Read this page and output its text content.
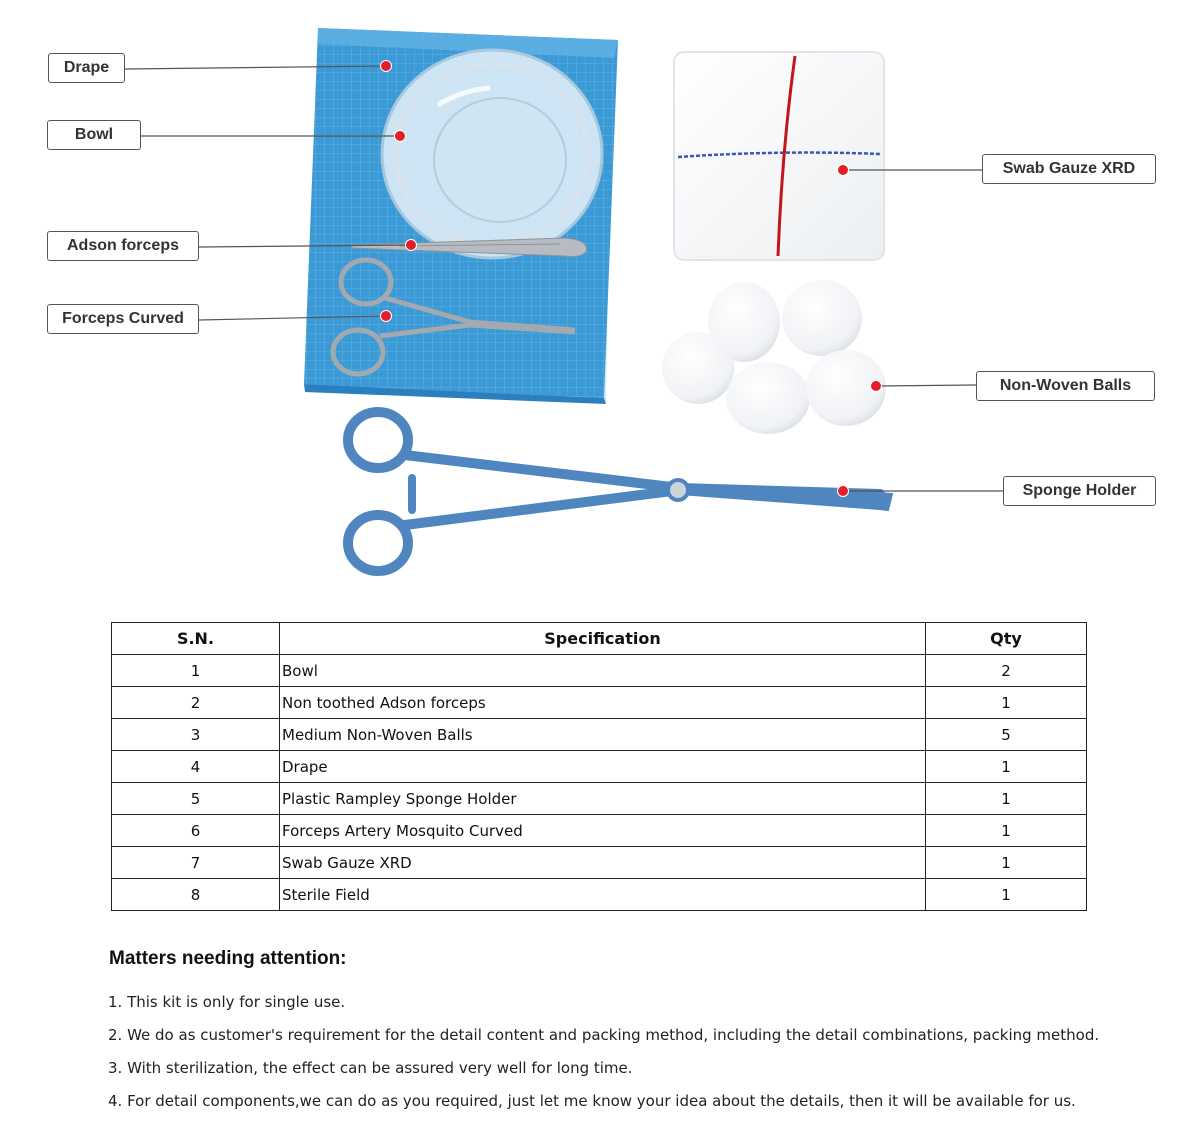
Drape
Bowl
Adson forceps
Forceps Curved
Swab Gauze XRD
Non-Woven Balls
Sponge Holder
S.N.	Specification	Qty
1	Bowl	2
2	Non toothed Adson forceps	1
3	Medium Non-Woven Balls	5
4	Drape	1
5	Plastic Rampley Sponge Holder	1
6	Forceps Artery Mosquito Curved	1
7	Swab Gauze XRD	1
8	Sterile Field	1
Matters needing attention:
1. This kit is only for single use.
2. We do as customer's requirement for the detail content and packing method, including the detail combinations, packing method.
3. With sterilization, the effect can be assured very well for long time.
4. For detail components,we can do as you required, just let me know your idea about the details, then it will be available for us.
